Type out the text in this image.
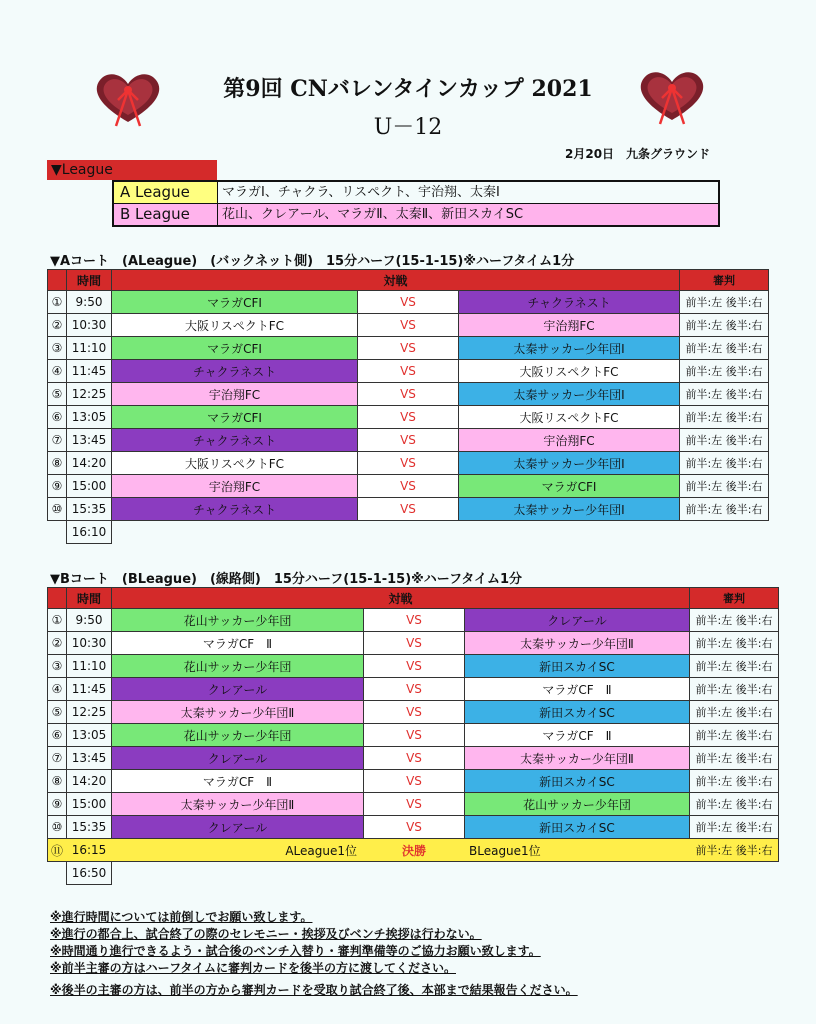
第9回 CNバレンタインカップ 2021
U－12
2月20日　九条グラウンド
▼League
A League	マラガⅠ、チャクラ、リスペクト、宇治翔、太秦Ⅰ
B League	花山、クレアール、マラガⅡ、太秦Ⅱ、新田スカイSC
▼Aコート　(ALeague)　(バックネット側)　15分ハーフ(15-1-15)※ハーフタイム1分
	時間	対戦			審判
①	9:50	マラガCFⅠ	VS	チャクラネスト	前半:左 後半:右
②	10:30	大阪リスペクトFC	VS	宇治翔FC	前半:左 後半:右
③	11:10	マラガCFⅠ	VS	太秦サッカー少年団Ⅰ	前半:左 後半:右
④	11:45	チャクラネスト	VS	大阪リスペクトFC	前半:左 後半:右
⑤	12:25	宇治翔FC	VS	太秦サッカー少年団Ⅰ	前半:左 後半:右
⑥	13:05	マラガCFⅠ	VS	大阪リスペクトFC	前半:左 後半:右
⑦	13:45	チャクラネスト	VS	宇治翔FC	前半:左 後半:右
⑧	14:20	大阪リスペクトFC	VS	太秦サッカー少年団Ⅰ	前半:左 後半:右
⑨	15:00	宇治翔FC	VS	マラガCFⅠ	前半:左 後半:右
⑩	15:35	チャクラネスト	VS	太秦サッカー少年団Ⅰ	前半:左 後半:右
	16:10				
▼Bコート　(BLeague)　(線路側)　15分ハーフ(15-1-15)※ハーフタイム1分
	時間	対戦			審判
①	9:50	花山サッカー少年団	VS	クレアール	前半:左 後半:右
②	10:30	マラガCF　Ⅱ	VS	太秦サッカー少年団Ⅱ	前半:左 後半:右
③	11:10	花山サッカー少年団	VS	新田スカイSC	前半:左 後半:右
④	11:45	クレアール	VS	マラガCF　Ⅱ	前半:左 後半:右
⑤	12:25	太秦サッカー少年団Ⅱ	VS	新田スカイSC	前半:左 後半:右
⑥	13:05	花山サッカー少年団	VS	マラガCF　Ⅱ	前半:左 後半:右
⑦	13:45	クレアール	VS	太秦サッカー少年団Ⅱ	前半:左 後半:右
⑧	14:20	マラガCF　Ⅱ	VS	新田スカイSC	前半:左 後半:右
⑨	15:00	太秦サッカー少年団Ⅱ	VS	花山サッカー少年団	前半:左 後半:右
⑩	15:35	クレアール	VS	新田スカイSC	前半:左 後半:右
⑪	16:15	ALeague1位	決勝	BLeague1位	前半:左 後半:右
	16:50				
※進行時間については前倒しでお願い致します。
※進行の都合上、試合終了の際のセレモニー・挨拶及びベンチ挨拶は行わない。
※時間通り進行できるよう・試合後のベンチ入替り・審判準備等のご協力お願い致します。
※前半主審の方はハーフタイムに審判カードを後半の方に渡してください。
※後半の主審の方は、前半の方から審判カードを受取り試合終了後、本部まで結果報告ください。
